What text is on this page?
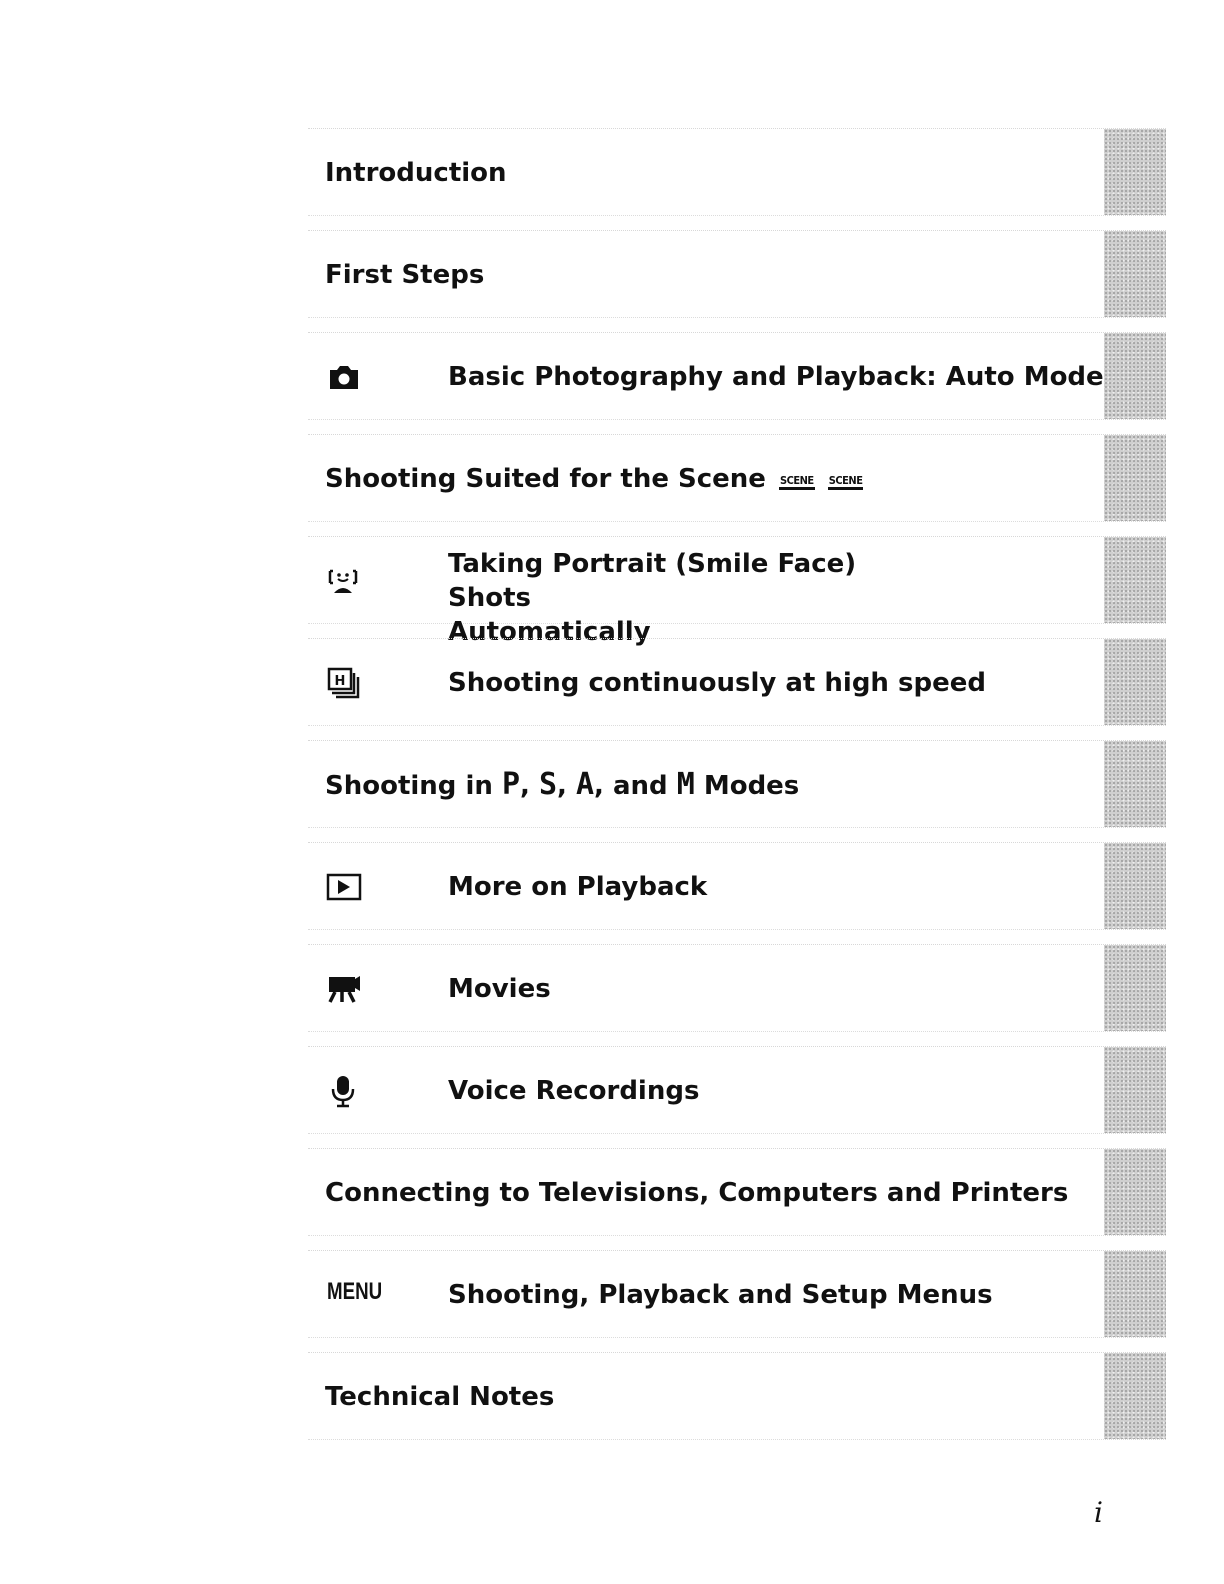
Introduction
First Steps
Basic Photography and Playback: Auto Mode
Shooting Suited for the Scene SCENE SCENE
Taking Portrait (Smile Face) Shots
Automatically
H	Shooting continuously at high speed
Shooting in P, S, A, and M Modes
More on Playback
Movies
Voice Recordings
Connecting to Televisions, Computers and Printers
MENU	Shooting, Playback and Setup Menus
Technical Notes
i
